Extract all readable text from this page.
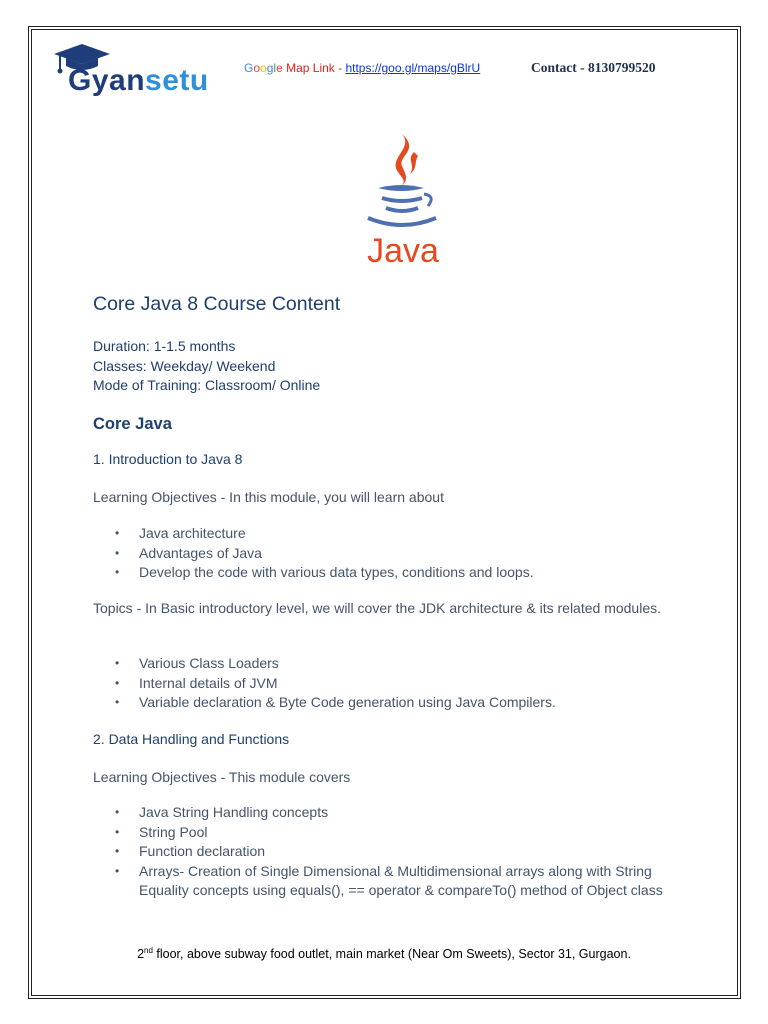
Gyansetu	Google Map Link - https://goo.gl/maps/gBlrU	Contact - 8130799520
Java
Core Java 8 Course Content
Duration: 1-1.5 months
Classes: Weekday/ Weekend
Mode of Training: Classroom/ Online
Core Java
1. Introduction to Java 8
Learning Objectives - In this module, you will learn about
• Java architecture
• Advantages of Java
• Develop the code with various data types, conditions and loops.
Topics - In Basic introductory level, we will cover the JDK architecture & its related modules.
• Various Class Loaders
• Internal details of JVM
• Variable declaration & Byte Code generation using Java Compilers.
2. Data Handling and Functions
Learning Objectives - This module covers
• Java String Handling concepts
• String Pool
• Function declaration
• Arrays- Creation of Single Dimensional & Multidimensional arrays along with String Equality concepts using equals(), == operator & compareTo() method of Object class
2nd floor, above subway food outlet, main market (Near Om Sweets), Sector 31, Gurgaon.
